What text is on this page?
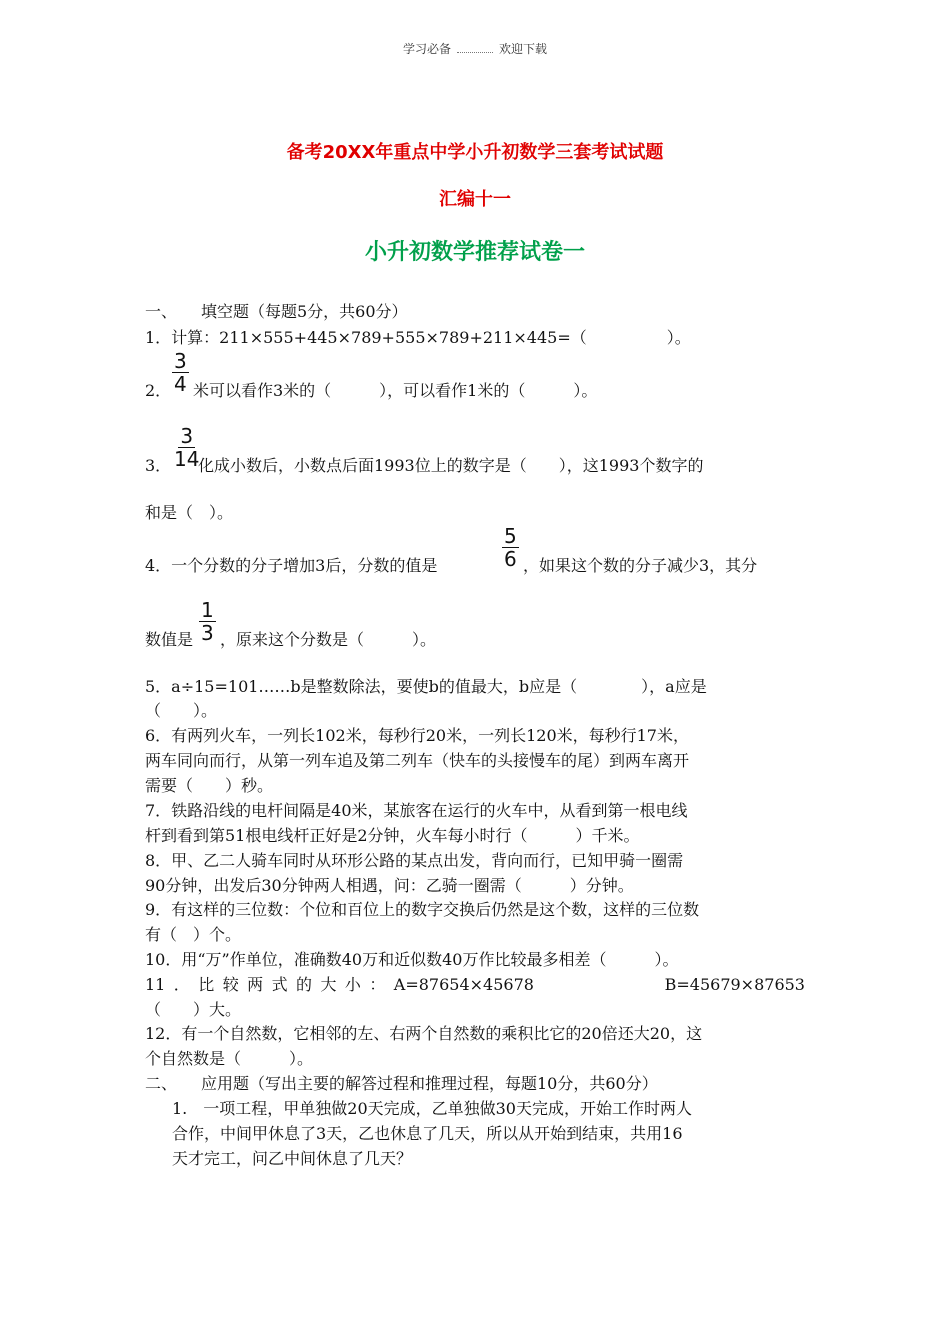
学习必备	欢迎下载
备考20XX年重点中学小升初数学三套考试试题
汇编十一
小升初数学推荐试卷一
一、　　填空题（每题5分，共60分）
1．计算：211×555+445×789+555×789+211×445=（　　　　　）。
$\frac{3}{4}$
2． 米可以看作3米的（　　　），可以看作1米的（　　　）。
$\frac{3}{14}$
3． 化成小数后，小数点后面1993位上的数字是（　　），这1993个数字的
和是（　）。
4．一个分数的分子增加3后，分数的值是	$\frac{5}{6}$ ，如果这个数的分子减少3，其分
数值是 $\frac{1}{3}$ ，原来这个分数是（　　　）。
5．a÷15=101……b是整数除法，要使b的值最大，b应是（　　　　），a应是
（　　）。
6．有两列火车，一列长102米，每秒行20米，一列长120米，每秒行17米，
两车同向而行，从第一列车追及第二列车（快车的头接慢车的尾）到两车离开
需要（　　）秒。
7．铁路沿线的电杆间隔是40米，某旅客在运行的火车中，从看到第一根电线
杆到看到第51根电线杆正好是2分钟，火车每小时行（　　　）千米。
8．甲、乙二人骑车同时从环形公路的某点出发，背向而行，已知甲骑一圈需
90分钟，出发后30分钟两人相遇，问：乙骑一圈需（　　　）分钟。
9．有这样的三位数：个位和百位上的数字交换后仍然是这个数，这样的三位数
有（　）个。
10．用“万”作单位，准确数40万和近似数40万作比较最多相差（　　　）。
11．比较两式的大小：A=87654×45678　　　　　B=45679×87653
（　　）大。
12．有一个自然数，它相邻的左、右两个自然数的乘积比它的20倍还大20，这
个自然数是（　　　）。
二、　　应用题（写出主要的解答过程和推理过程，每题10分，共60分）
1.　一项工程，甲单独做20天完成，乙单独做30天完成，开始工作时两人
合作，中间甲休息了3天，乙也休息了几天，所以从开始到结束，共用16
天才完工，问乙中间休息了几天？
